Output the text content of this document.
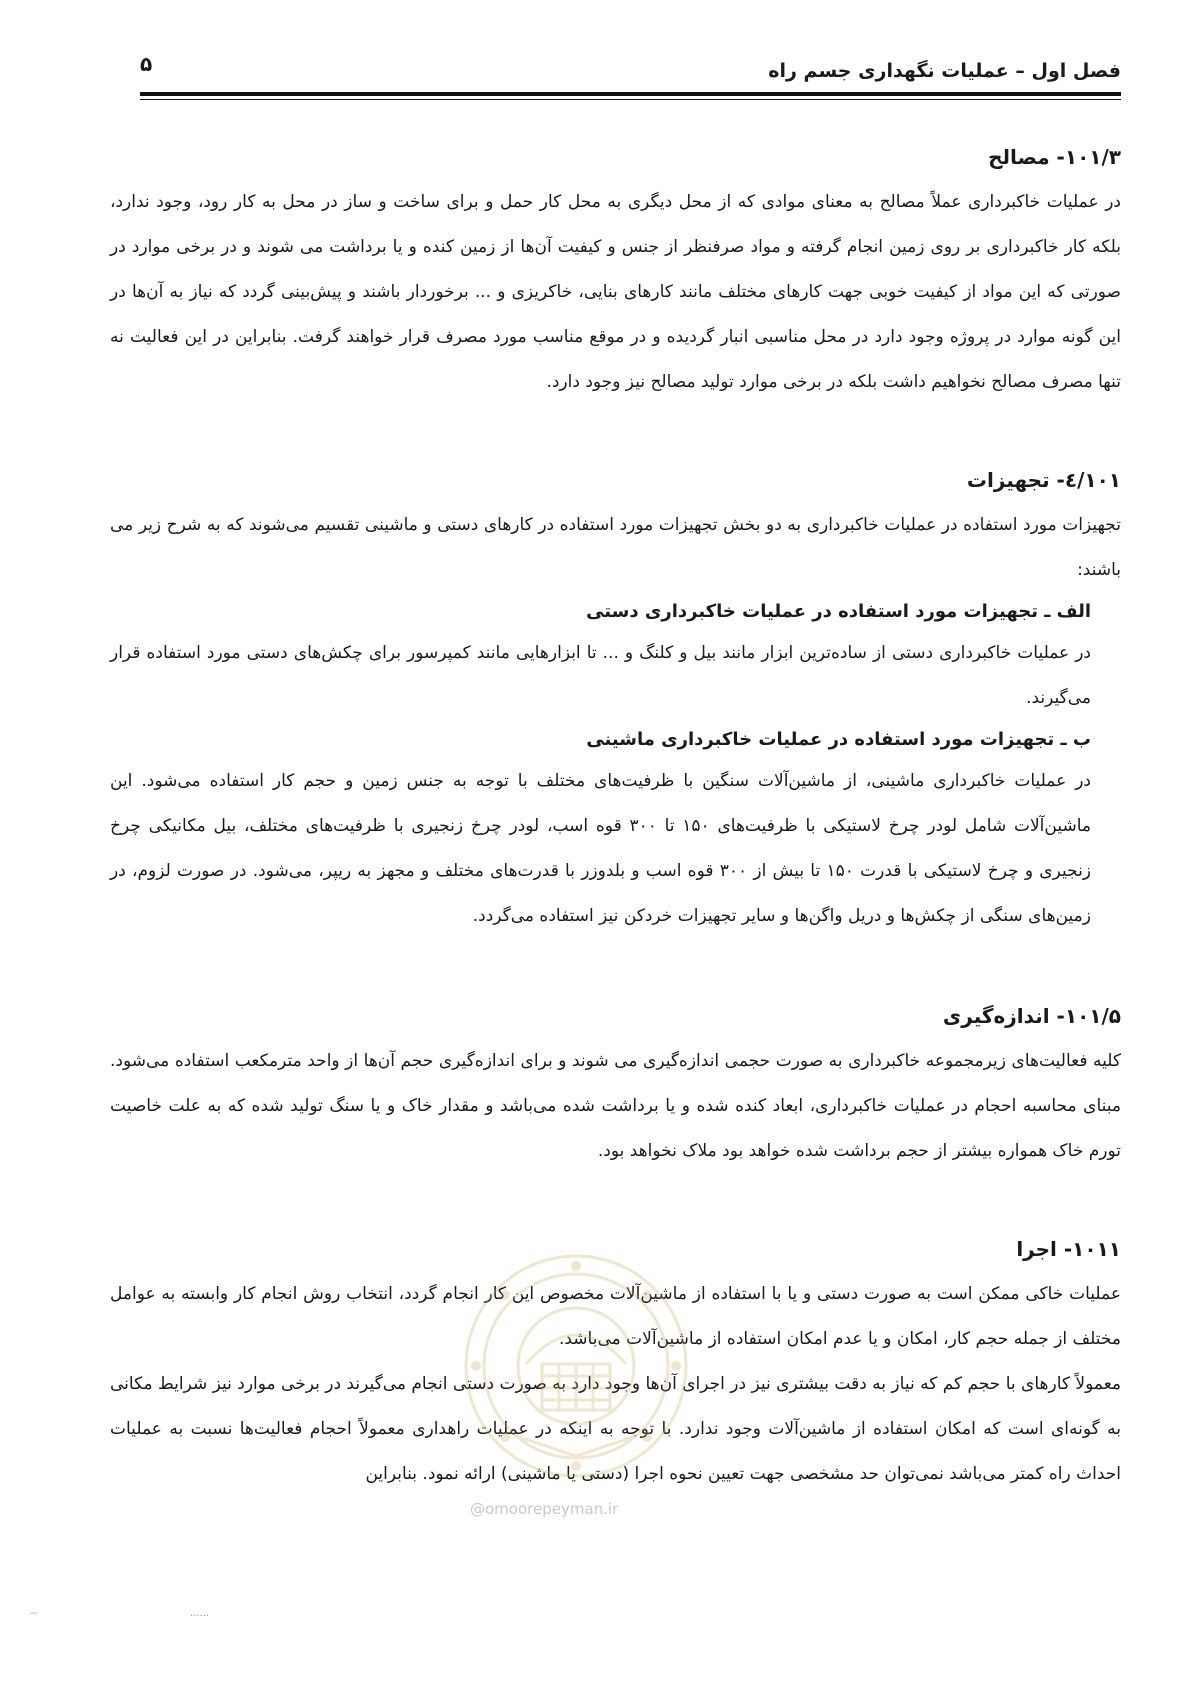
فصل اول – عملیات نگهداری جسم راه
۵
۱۰۱/۳- مصالح

در عملیات خاکبرداری عملاً مصالح به معنای موادی که از محل دیگری به محل کار حمل و برای ساخت و ساز در محل به کار رود، وجود ندارد، بلکه کار خاکبرداری بر روی زمین انجام گرفته و مواد صرفنظر از جنس و کیفیت آن‌ها از زمین کنده و یا برداشت می شوند و در برخی موارد در صورتی که این مواد از کیفیت خوبی جهت کارهای مختلف مانند کارهای بنایی، خاکریزی و ... برخوردار باشند و پیش‌بینی گردد که نیاز به آن‌ها در این گونه موارد در پروژه وجود دارد در محل مناسبی انبار گردیده و در موقع مناسب مورد مصرف قرار خواهند گرفت. بنابراین در این فعالیت نه تنها مصرف مصالح نخواهیم داشت بلکه در برخی موارد تولید مصالح نیز وجود دارد.

۱۰۱/٤- تجهیزات

تجهیزات مورد استفاده در عملیات خاکبرداری به دو بخش تجهیزات مورد استفاده در کارهای دستی و ماشینی تقسیم می‌شوند که به شرح زیر می باشند:

الف ـ تجهیزات مورد استفاده در عملیات خاکبرداری دستی

در عملیات خاکبرداری دستی از ساده‌ترین ابزار مانند بیل و کلنگ و ... تا ابزارهایی مانند کمپرسور برای چکش‌های دستی مورد استفاده قرار می‌گیرند.

ب ـ تجهیزات مورد استفاده در عملیات خاکبرداری ماشینی

در عملیات خاکبرداری ماشینی، از ماشین‌آلات سنگین با ظرفیت‌های مختلف با توجه به جنس زمین و حجم کار استفاده می‌شود. این ماشین‌آلات شامل لودر چرخ لاستیکی با ظرفیت‌های ۱۵۰ تا ۳۰۰ قوه اسب، لودر چرخ زنجیری با ظرفیت‌های مختلف، بیل مکانیکی چرخ زنجیری و چرخ لاستیکی با قدرت ۱۵۰ تا بیش از ۳۰۰ قوه اسب و بلدوزر با قدرت‌های مختلف و مجهز به ریپر، می‌شود. در صورت لزوم، در زمین‌های سنگی از چکش‌ها و دریل واگن‌ها و سایر تجهیزات خردکن نیز استفاده می‌گردد.

۱۰۱/۵- اندازه‌گیری

کلیه فعالیت‌های زیرمجموعه خاکبرداری به صورت حجمی اندازه‌گیری می شوند و برای اندازه‌گیری حجم آن‌ها از واحد مترمکعب استفاده می‌شود. مبنای محاسبه احجام در عملیات خاکبرداری، ابعاد کنده شده و یا برداشت شده می‌باشد و مقدار خاک و یا سنگ تولید شده که به علت خاصیت تورم خاک همواره بیشتر از حجم برداشت شده خواهد بود ملاک نخواهد بود.

۱۰۱۱- اجرا

عملیات خاکی ممکن است به صورت دستی و یا با استفاده از ماشین‌آلات مخصوص این کار انجام گردد، انتخاب روش انجام کار وابسته به عوامل مختلف از جمله حجم کار، امکان و یا عدم امکان استفاده از ماشین‌آلات می‌باشد.

معمولاً کارهای با حجم کم که نیاز به دقت بیشتری نیز در اجرای آن‌ها وجود دارد به صورت دستی انجام می‌گیرند در برخی موارد نیز شرایط مکانی به گونه‌ای است که امکان استفاده از ماشین‌آلات وجود ندارد. با توجه به اینکه در عملیات راهداری معمولاً احجام فعالیت‌ها نسبت به عملیات احداث راه کمتر می‌باشد نمی‌توان حد مشخصی جهت تعیین نحوه اجرا (دستی یا ماشینی) ارائه نمود. بنابراین

@omoorepeyman.ir
--	......
